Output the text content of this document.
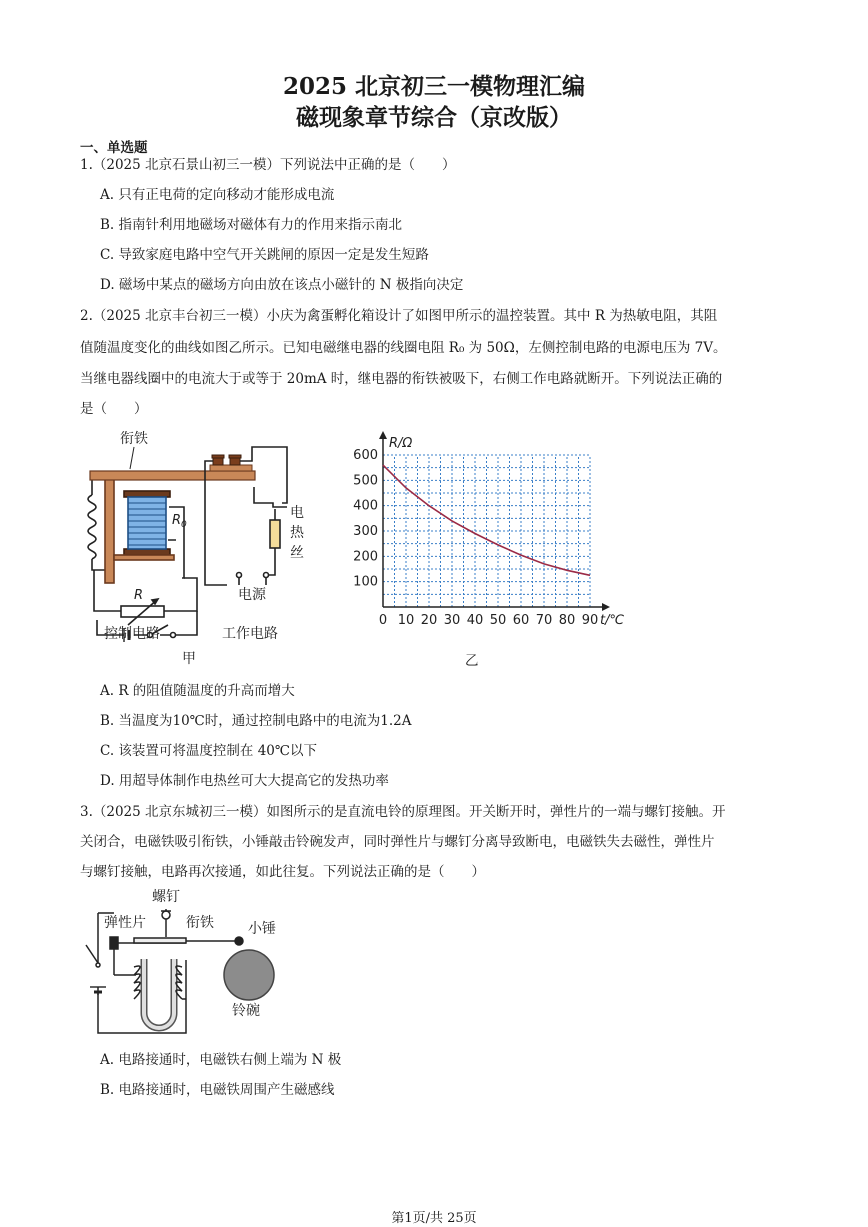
2025 北京初三一模物理汇编
磁现象章节综合（京改版）
一、单选题
1.（2025 北京石景山初三一模）下列说法中正确的是（　　）
A. 只有正电荷的定向移动才能形成电流
B. 指南针利用地磁场对磁体有力的作用来指示南北
C. 导致家庭电路中空气开关跳闸的原因一定是发生短路
D. 磁场中某点的磁场方向由放在该点小磁针的 N 极指向决定
2.（2025 北京丰台初三一模）小庆为禽蛋孵化箱设计了如图甲所示的温控装置。其中 R 为热敏电阻，其阻
值随温度变化的曲线如图乙所示。已知电磁继电器的线圈电阻 R₀ 为 50Ω，左侧控制电路的电源电压为 7V。
当继电器线圈中的电流大于或等于 20mA 时，继电器的衔铁被吸下，右侧工作电路就断开。下列说法正确的
是（　　）
衔铁
$R_0$
电
热
丝
电源
R
控制电路	工作电路
甲
0 10 20 30 40 50 60 70 80 90
100
200
300
400
500
600
R/Ω
t/℃
乙
A. R 的阻值随温度的升高而增大
B. 当温度为10℃时，通过控制电路中的电流为1.2A
C. 该装置可将温度控制在 40℃以下
D. 用超导体制作电热丝可大大提高它的发热功率
3.（2025 北京东城初三一模）如图所示的是直流电铃的原理图。开关断开时，弹性片的一端与螺钉接触。开
关闭合，电磁铁吸引衔铁，小锤敲击铃碗发声，同时弹性片与螺钉分离导致断电，电磁铁失去磁性，弹性片
与螺钉接触，电路再次接通，如此往复。下列说法正确的是（　　）
螺钉
弹性片	衔铁 小锤
铃碗
A. 电路接通时，电磁铁右侧上端为 N 极
B. 电路接通时，电磁铁周围产生磁感线
第1页/共 25页
